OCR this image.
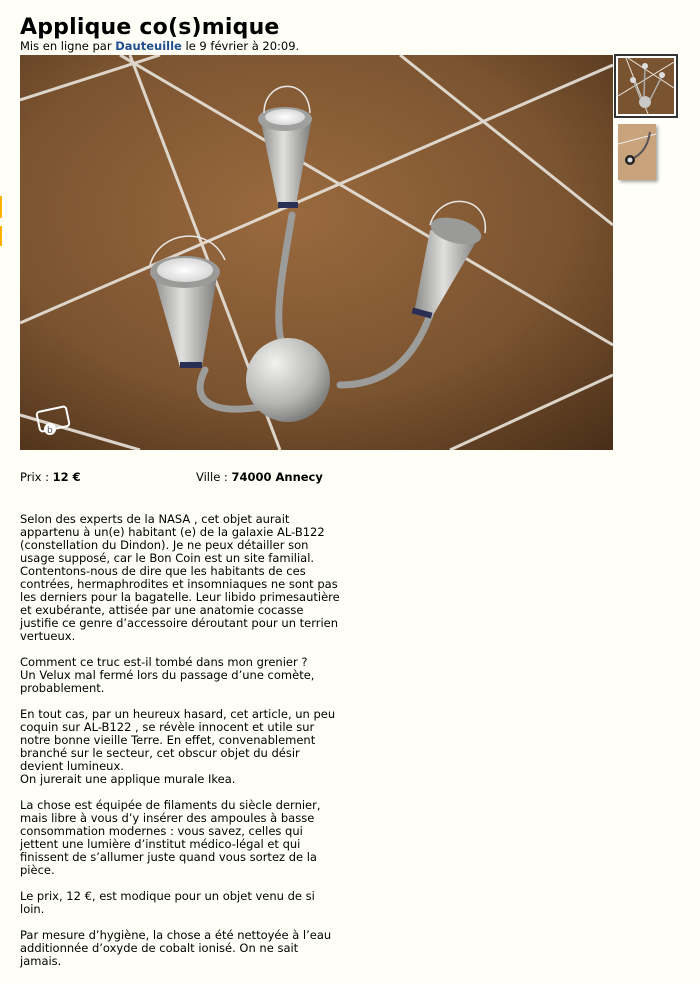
Applique co(s)mique
Mis en ligne par Dauteuille le 9 février à 20:09.
b
Prix : 12 €	Ville : 74000 Annecy

Selon des experts de la NASA , cet objet aurait
appartenu à un(e) habitant (e) de la galaxie AL-B122
(constellation du Dindon). Je ne peux détailler son
usage supposé, car le Bon Coin est un site familial.
Contentons-nous de dire que les habitants de ces
contrées, hermaphrodites et insomniaques ne sont pas
les derniers pour la bagatelle. Leur libido primesautière
et exubérante, attisée par une anatomie cocasse
justifie ce genre d’accessoire déroutant pour un terrien
vertueux.

Comment ce truc est-il tombé dans mon grenier ?
Un Velux mal fermé lors du passage d’une comète,
probablement.

En tout cas, par un heureux hasard, cet article, un peu
coquin sur AL-B122 , se révèle innocent et utile sur
notre bonne vieille Terre. En effet, convenablement
branché sur le secteur, cet obscur objet du désir
devient lumineux.
On jurerait une applique murale Ikea.

La chose est équipée de filaments du siècle dernier,
mais libre à vous d’y insérer des ampoules à basse
consommation modernes : vous savez, celles qui
jettent une lumière d’institut médico-légal et qui
finissent de s’allumer juste quand vous sortez de la
pièce.

Le prix, 12 €, est modique pour un objet venu de si
loin.

Par mesure d’hygiène, la chose a été nettoyée à l’eau
additionnée d’oxyde de cobalt ionisé. On ne sait
jamais.
